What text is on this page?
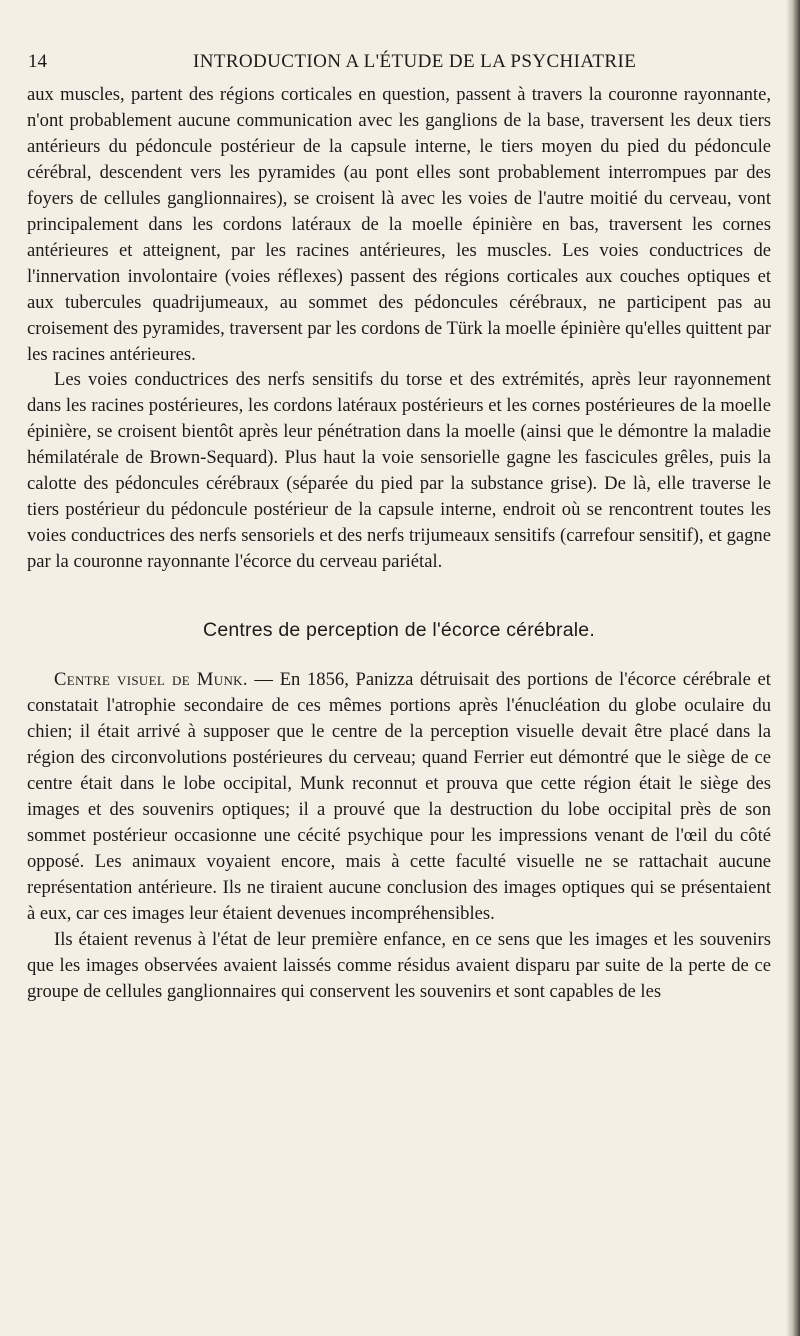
14	INTRODUCTION A L'ÉTUDE DE LA PSYCHIATRIE

aux muscles, partent des régions corticales en question, passent à travers la couronne rayonnante, n'ont probablement aucune communication avec les ganglions de la base, traversent les deux tiers antérieurs du pédoncule postérieur de la capsule interne, le tiers moyen du pied du pédoncule cérébral, descendent vers les pyramides (au pont elles sont probablement interrompues par des foyers de cellules ganglionnaires), se croisent là avec les voies de l'autre moitié du cerveau, vont principalement dans les cordons latéraux de la moelle épinière en bas, traversent les cornes antérieures et atteignent, par les racines antérieures, les muscles. Les voies conductrices de l'innervation involontaire (voies réflexes) passent des régions corticales aux couches optiques et aux tubercules quadrijumeaux, au sommet des pédoncules cérébraux, ne participent pas au croisement des pyramides, traversent par les cordons de Türk la moelle épinière qu'elles quittent par les racines antérieures.

Les voies conductrices des nerfs sensitifs du torse et des extrémités, après leur rayonnement dans les racines postérieures, les cordons latéraux postérieurs et les cornes postérieures de la moelle épinière, se croisent bientôt après leur pénétration dans la moelle (ainsi que le démontre la maladie hémilatérale de Brown-Sequard). Plus haut la voie sensorielle gagne les fascicules grêles, puis la calotte des pédoncules cérébraux (séparée du pied par la substance grise). De là, elle traverse le tiers postérieur du pédoncule postérieur de la capsule interne, endroit où se rencontrent toutes les voies conductrices des nerfs sensoriels et des nerfs trijumeaux sensitifs (carrefour sensitif), et gagne par la couronne rayonnante l'écorce du cerveau pariétal.

Centres de perception de l'écorce cérébrale.

Centre visuel de Munk. — En 1856, Panizza détruisait des portions de l'écorce cérébrale et constatait l'atrophie secondaire de ces mêmes portions après l'énucléation du globe oculaire du chien; il était arrivé à supposer que le centre de la perception visuelle devait être placé dans la région des circonvolutions postérieures du cerveau; quand Ferrier eut démontré que le siège de ce centre était dans le lobe occipital, Munk reconnut et prouva que cette région était le siège des images et des souvenirs optiques; il a prouvé que la destruction du lobe occipital près de son sommet postérieur occasionne une cécité psychique pour les impressions venant de l'œil du côté opposé. Les animaux voyaient encore, mais à cette faculté visuelle ne se rattachait aucune représentation antérieure. Ils ne tiraient aucune conclusion des images optiques qui se présentaient à eux, car ces images leur étaient devenues incompréhensibles.

Ils étaient revenus à l'état de leur première enfance, en ce sens que les images et les souvenirs que les images observées avaient laissés comme résidus avaient disparu par suite de la perte de ce groupe de cellules ganglionnaires qui conservent les souvenirs et sont capables de les
